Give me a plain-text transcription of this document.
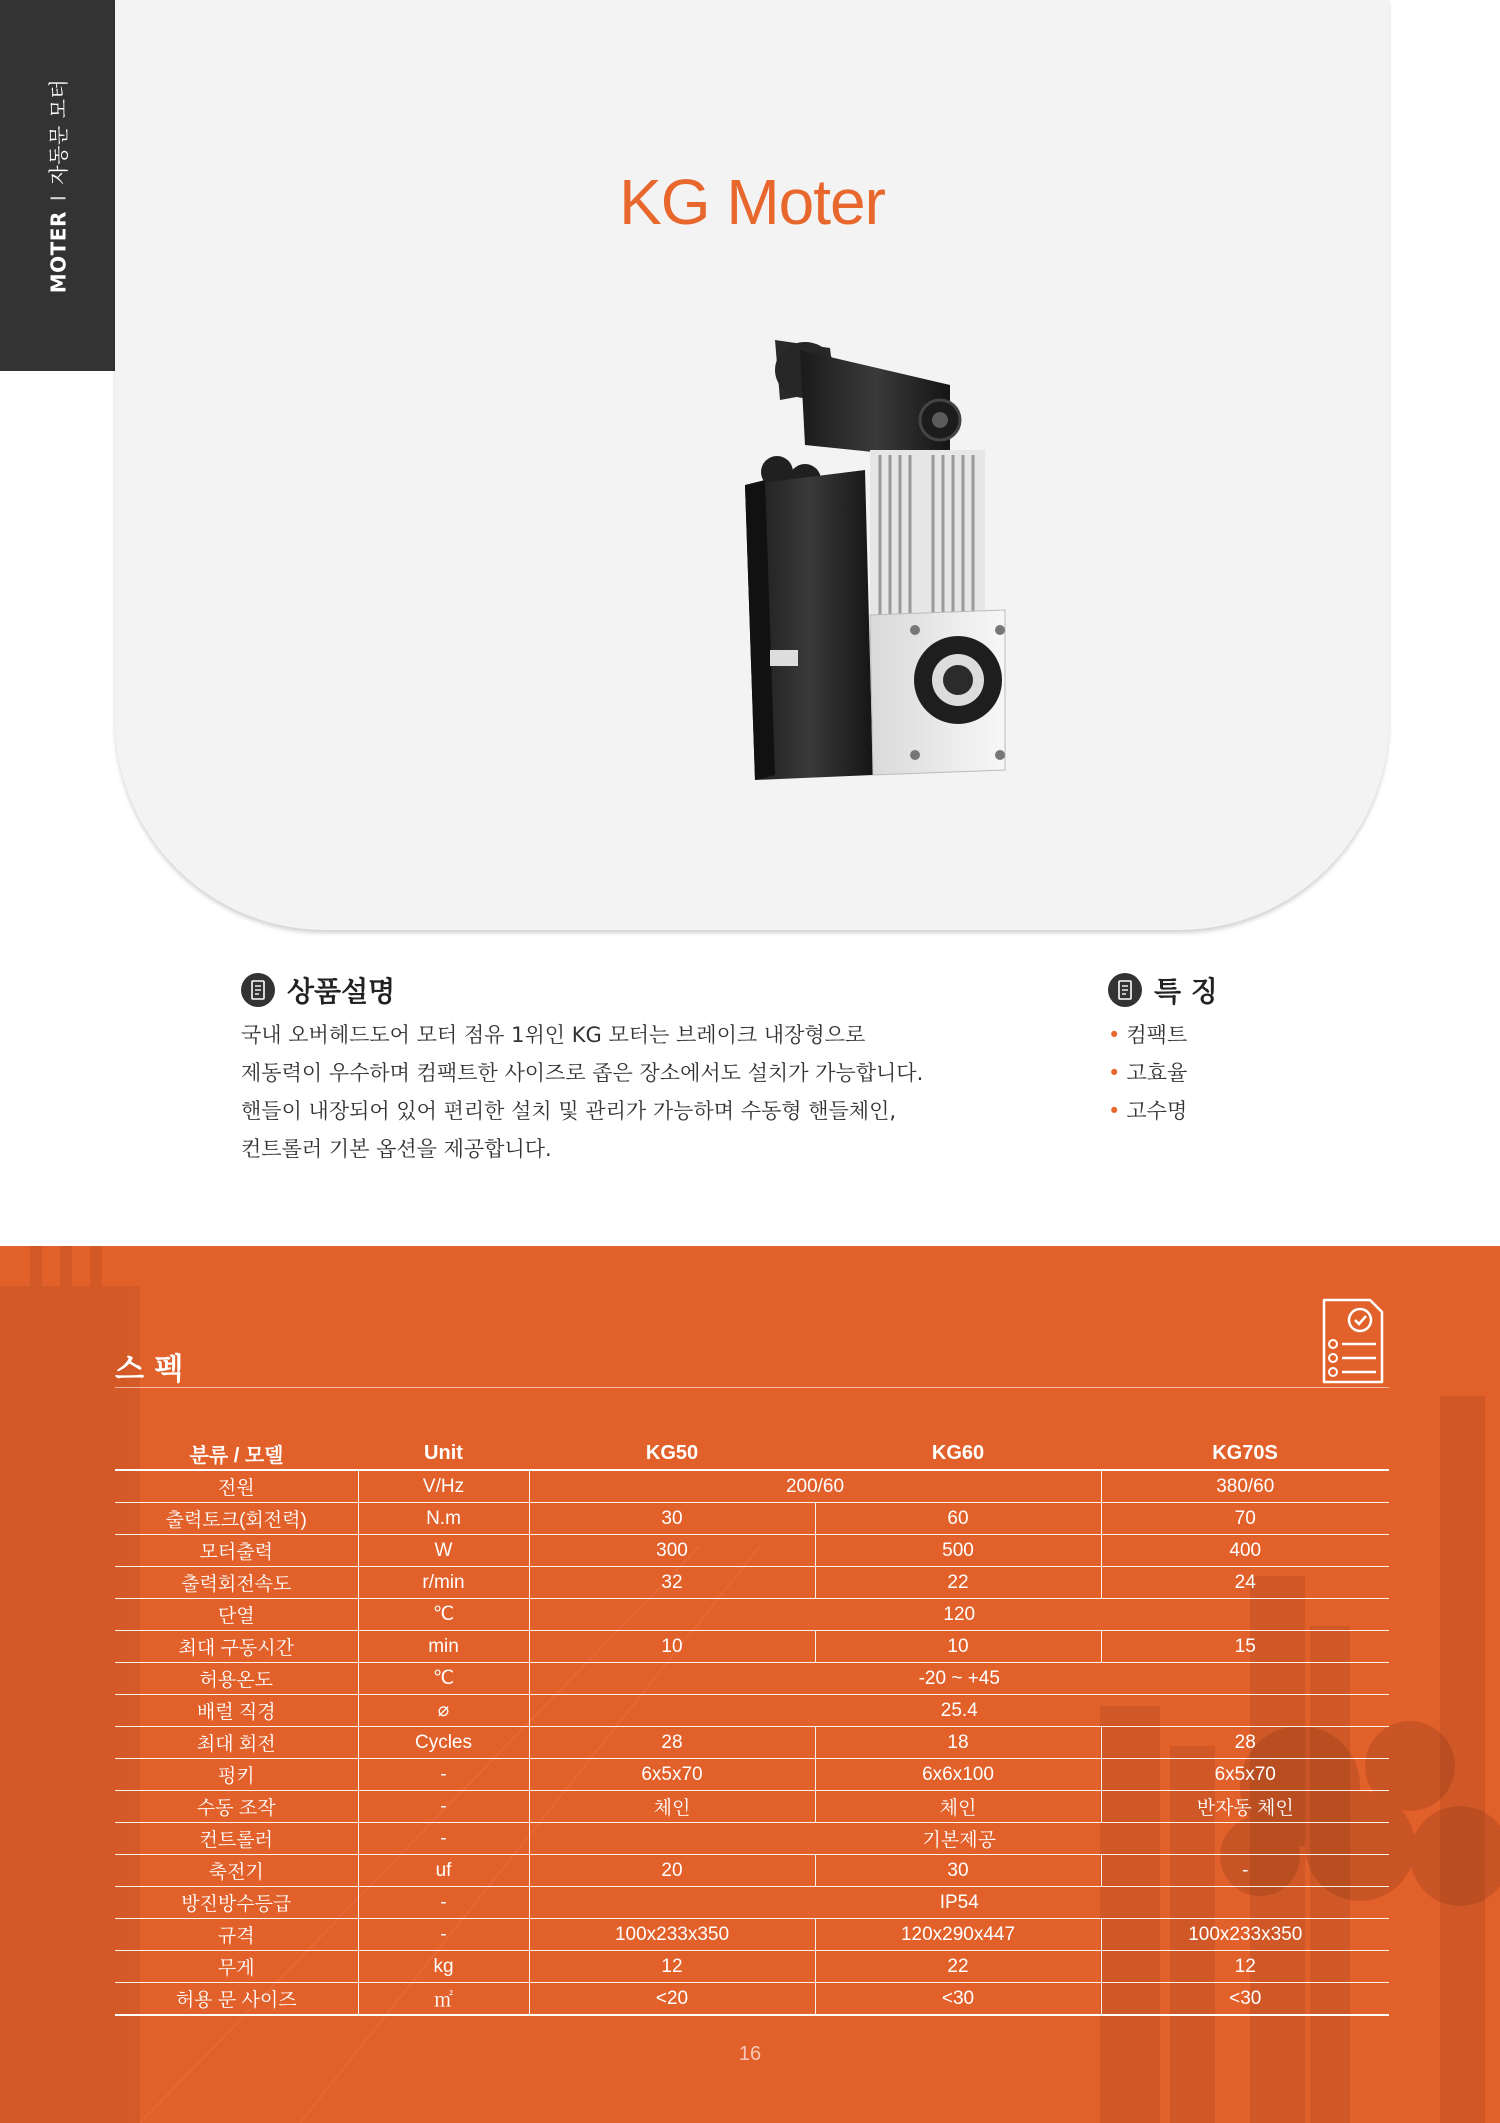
MOTERI자동문 모터
KG Moter
상품설명
국내 오버헤드도어 모터 점유 1위인 KG 모터는 브레이크 내장형으로
제동력이 우수하며 컴팩트한 사이즈로 좁은 장소에서도 설치가 가능합니다.
핸들이 내장되어 있어 편리한 설치 및 관리가 가능하며 수동형 핸들체인,
컨트롤러 기본 옵션을 제공합니다.
특 징
• 컴팩트
• 고효율
• 고수명
스 펙
분류 / 모델	Unit	KG50	KG60	KG70S
전원	V/Hz	200/60		380/60
출력토크(회전력)	N.m	30	60	70
모터출력	W	300	500	400
출력회전속도	r/min	32	22	24
단열	℃	120		
최대 구동시간	min	10	10	15
허용온도	℃	-20 ~ +45		
배럴 직경	⌀	25.4		
최대 회전	Cycles	28	18	28
펑키	-	6x5x70	6x6x100	6x5x70
수동 조작	-	체인	체인	반자동 체인
컨트롤러	-	기본제공		
축전기	uf	20	30	-
방진방수등급	-	IP54		
규격	-	100x233x350	120x290x447	100x233x350
무게	kg	12	22	12
허용 문 사이즈	㎡	<20	<30	<30
16
